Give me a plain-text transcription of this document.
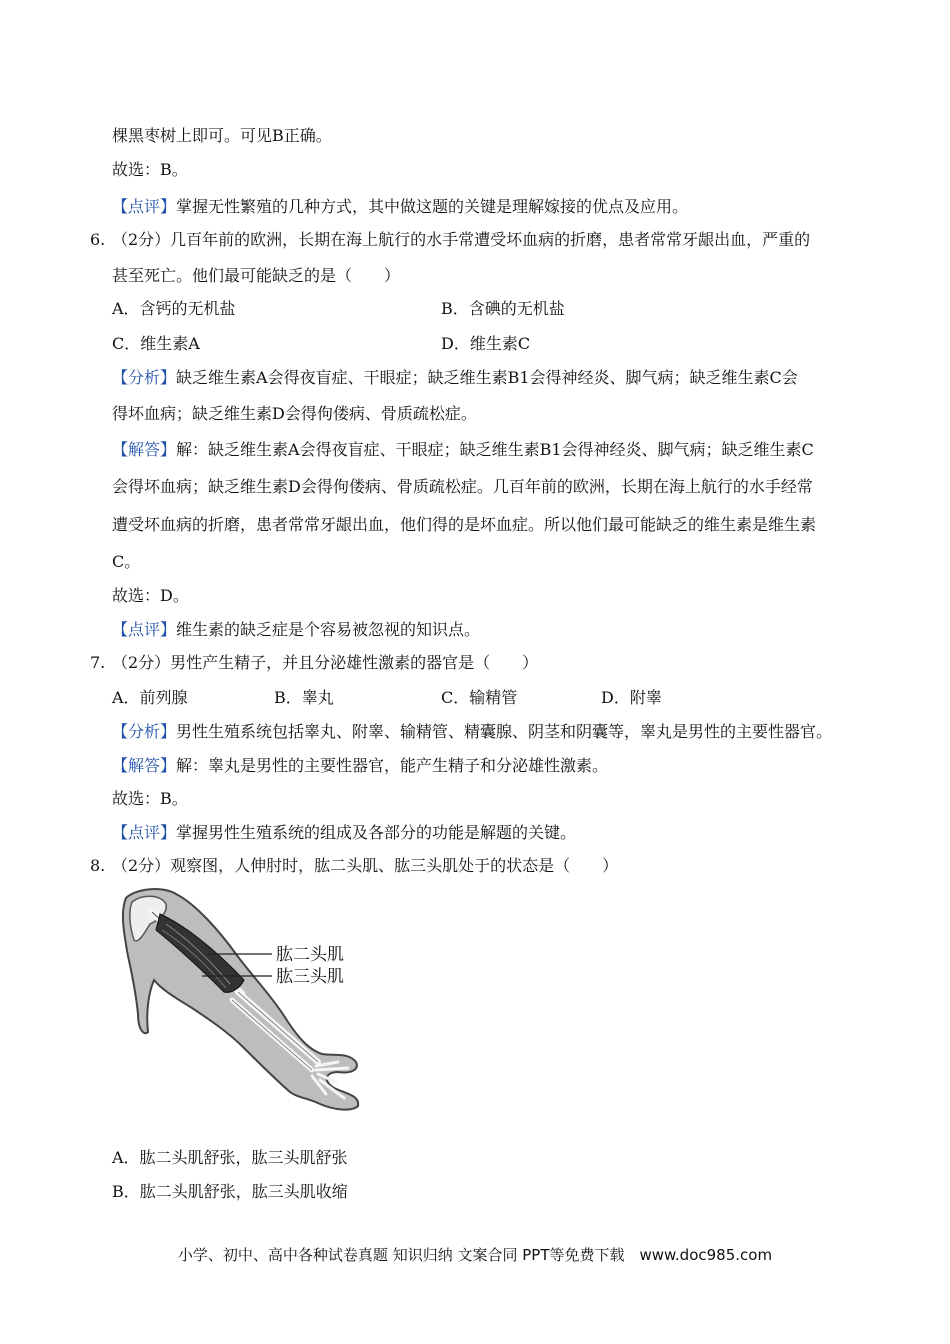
棵黑枣树上即可。可见B正确。
故选：B。
【点评】掌握无性繁殖的几种方式，其中做这题的关键是理解嫁接的优点及应用。
6. （2分）几百年前的欧洲，长期在海上航行的水手常遭受坏血病的折磨，患者常常牙龈出血，严重的
甚至死亡。他们最可能缺乏的是（　　）
A．含钙的无机盐	B．含碘的无机盐
C．维生素A	D．维生素C
【分析】缺乏维生素A会得夜盲症、干眼症；缺乏维生素B1会得神经炎、脚气病；缺乏维生素C会
得坏血病；缺乏维生素D会得佝偻病、骨质疏松症。
【解答】解：缺乏维生素A会得夜盲症、干眼症；缺乏维生素B1会得神经炎、脚气病；缺乏维生素C
会得坏血病；缺乏维生素D会得佝偻病、骨质疏松症。几百年前的欧洲，长期在海上航行的水手经常
遭受坏血病的折磨，患者常常牙龈出血，他们得的是坏血症。所以他们最可能缺乏的维生素是维生素
C。
故选：D。
【点评】维生素的缺乏症是个容易被忽视的知识点。
7. （2分）男性产生精子，并且分泌雄性激素的器官是（　　）
A．前列腺	B．睾丸	C．输精管	D．附睾
【分析】男性生殖系统包括睾丸、附睾、输精管、精囊腺、阴茎和阴囊等，睾丸是男性的主要性器官。
【解答】解：睾丸是男性的主要性器官，能产生精子和分泌雄性激素。
故选：B。
【点评】掌握男性生殖系统的组成及各部分的功能是解题的关键。
8. （2分）观察图，人伸肘时，肱二头肌、肱三头肌处于的状态是（　　）
肱二头肌
肱三头肌
A．肱二头肌舒张，肱三头肌舒张
B．肱二头肌舒张，肱三头肌收缩
小学、初中、高中各种试卷真题 知识归纳 文案合同 PPT等免费下载　www.doc985.com
